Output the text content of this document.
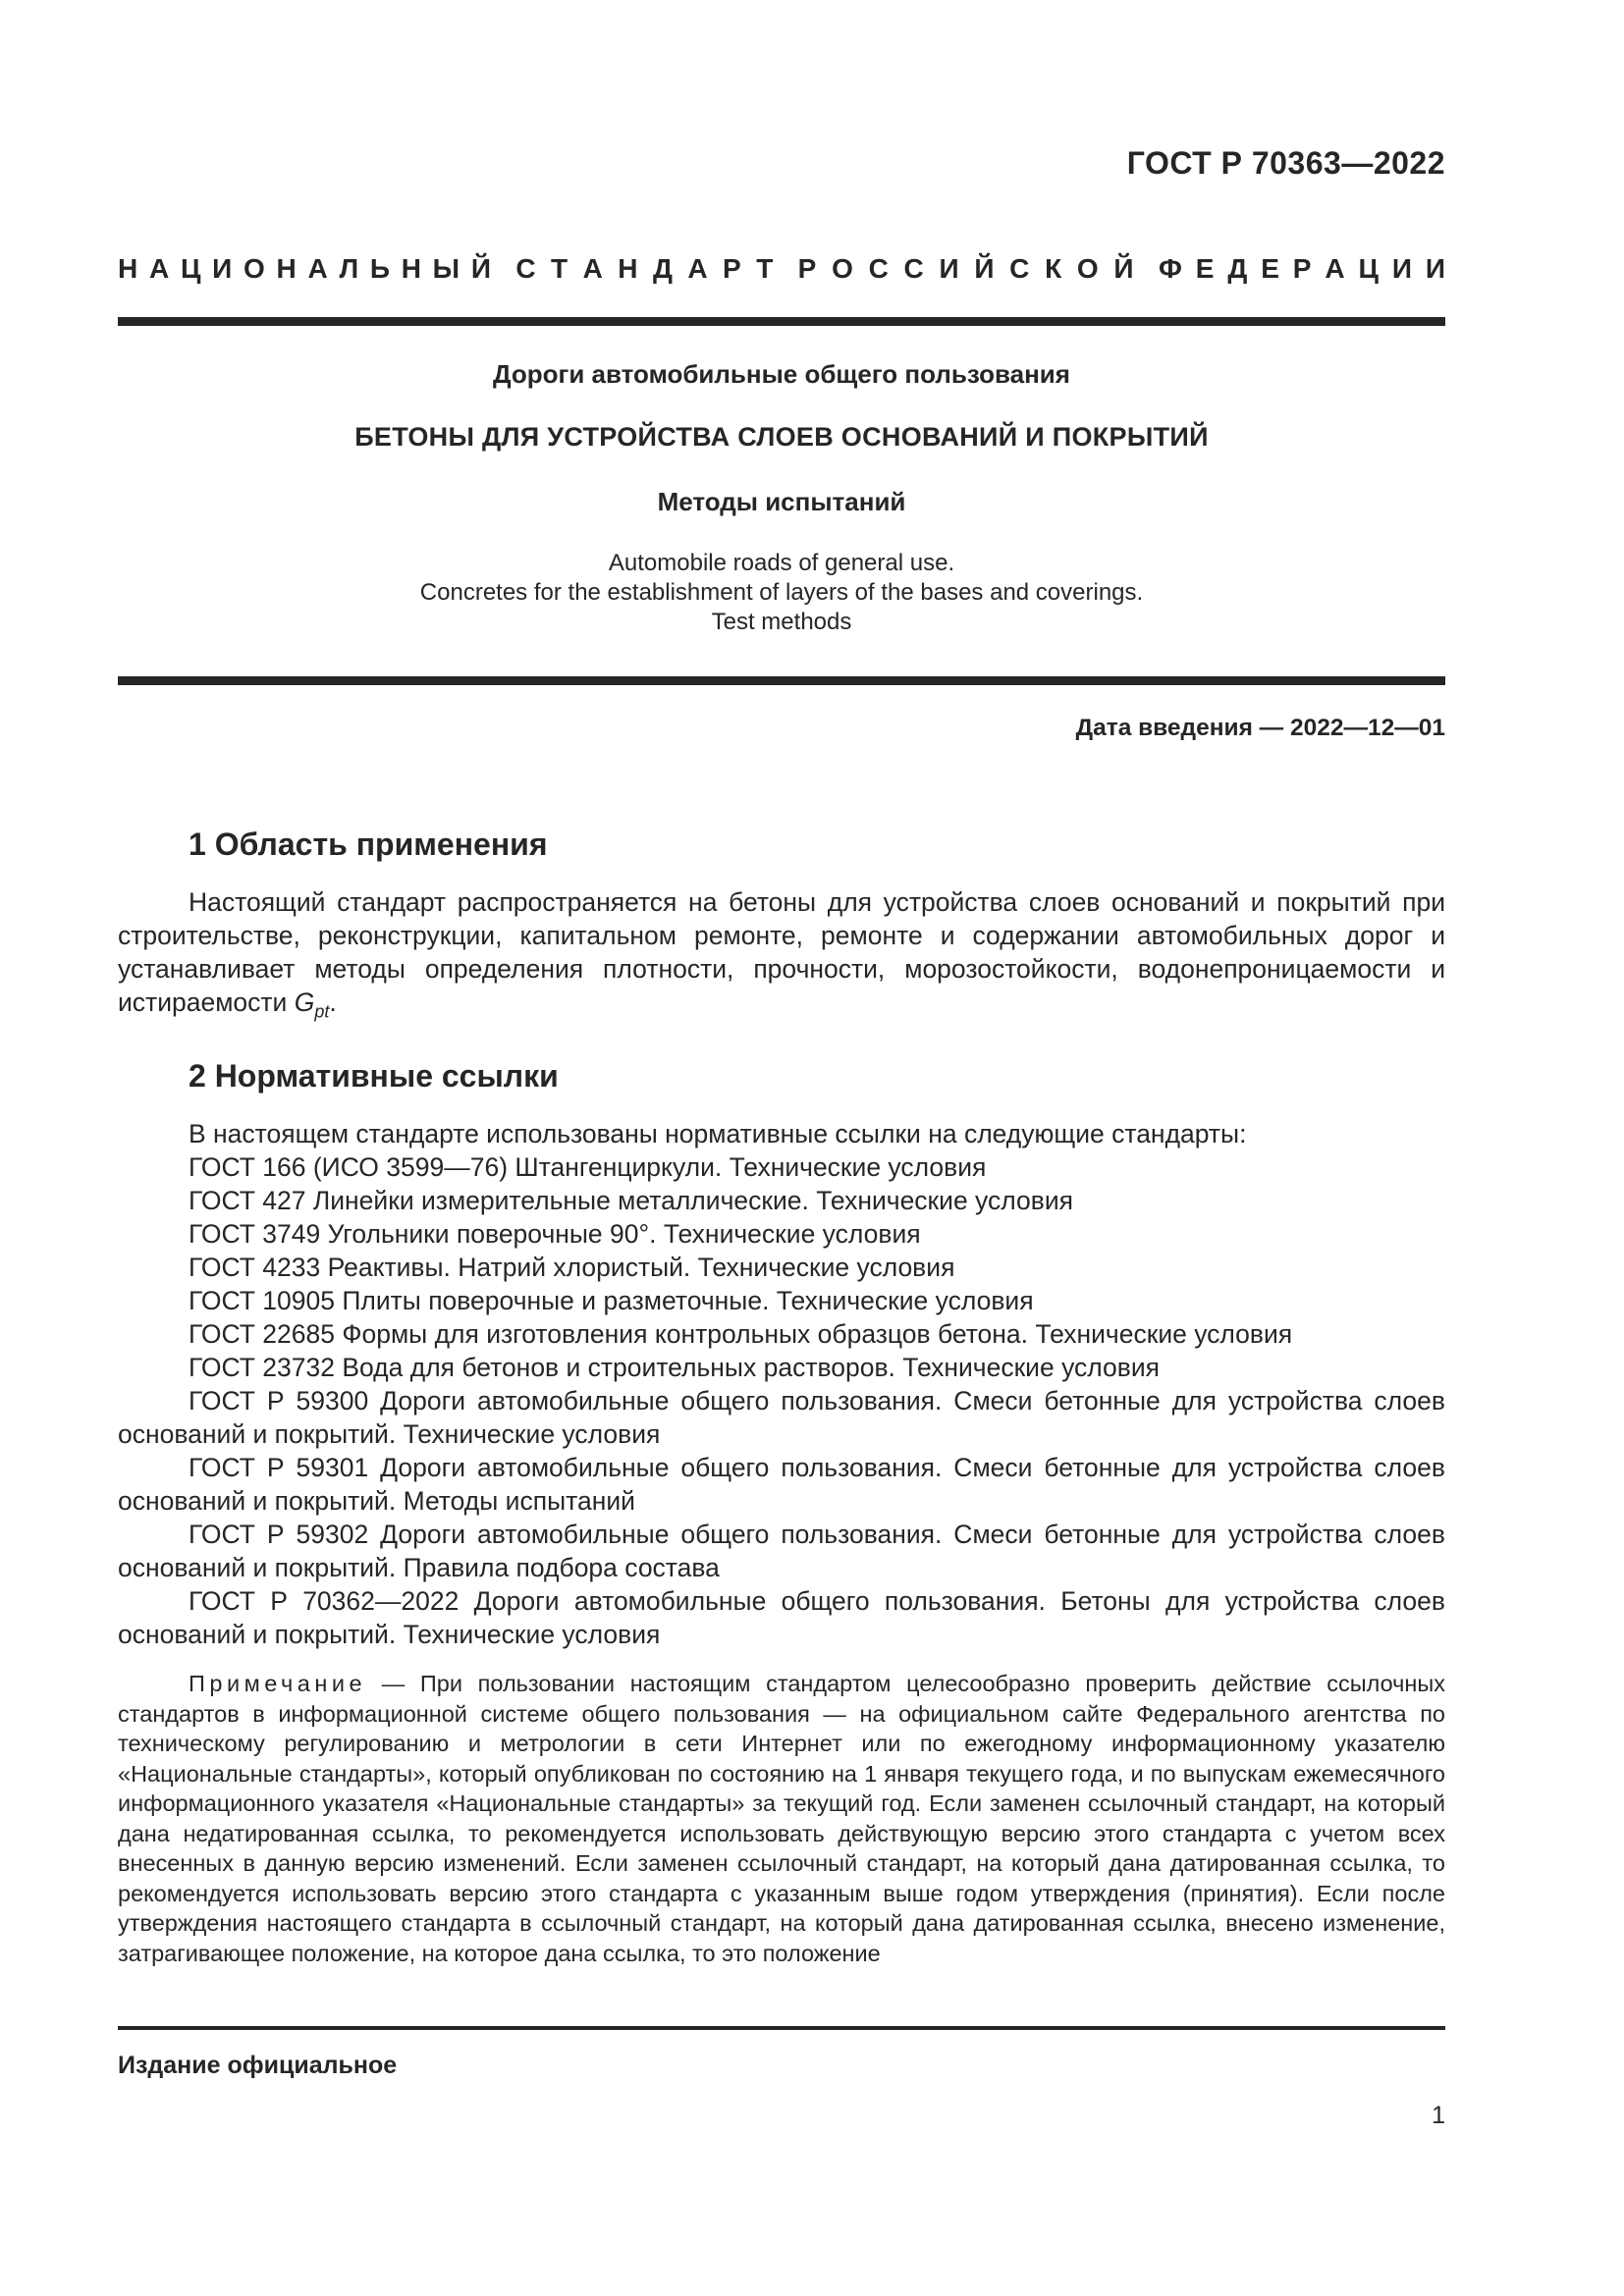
ГОСТ Р 70363—2022
Н А Ц И О Н А Л Ь Н Ы Й С Т А Н Д А Р Т Р О С С И Й С К О Й Ф Е Д Е Р А Ц И И
Дороги автомобильные общего пользования
БЕТОНЫ ДЛЯ УСТРОЙСТВА СЛОЕВ ОСНОВАНИЙ И ПОКРЫТИЙ
Методы испытаний
Automobile roads of general use.
Concretes for the establishment of layers of the bases and coverings.
Test methods
Дата введения — 2022—12—01
1 Область применения
Настоящий стандарт распространяется на бетоны для устройства слоев оснований и покрытий при строительстве, реконструкции, капитальном ремонте, ремонте и содержании автомобильных дорог и устанавливает методы определения плотности, прочности, морозостойкости, водонепроницаемости и истираемости $G_{pt}$.
2 Нормативные ссылки
В настоящем стандарте использованы нормативные ссылки на следующие стандарты:
ГОСТ 166 (ИСО 3599—76) Штангенциркули. Технические условия
ГОСТ 427 Линейки измерительные металлические. Технические условия
ГОСТ 3749 Угольники поверочные 90°. Технические условия
ГОСТ 4233 Реактивы. Натрий хлористый. Технические условия
ГОСТ 10905 Плиты поверочные и разметочные. Технические условия
ГОСТ 22685 Формы для изготовления контрольных образцов бетона. Технические условия
ГОСТ 23732 Вода для бетонов и строительных растворов. Технические условия

ГОСТ Р 59300 Дороги автомобильные общего пользования. Смеси бетонные для устройства слоев оснований и покрытий. Технические условия

ГОСТ Р 59301 Дороги автомобильные общего пользования. Смеси бетонные для устройства слоев оснований и покрытий. Методы испытаний

ГОСТ Р 59302 Дороги автомобильные общего пользования. Смеси бетонные для устройства слоев оснований и покрытий. Правила подбора состава

ГОСТ Р 70362—2022 Дороги автомобильные общего пользования. Бетоны для устройства слоев оснований и покрытий. Технические условия

Примечание — При пользовании настоящим стандартом целесообразно проверить действие ссылочных стандартов в информационной системе общего пользования — на официальном сайте Федерального агентства по техническому регулированию и метрологии в сети Интернет или по ежегодному информационному указателю «Национальные стандарты», который опубликован по состоянию на 1 января текущего года, и по выпускам ежемесячного информационного указателя «Национальные стандарты» за текущий год. Если заменен ссылочный стандарт, на который дана недатированная ссылка, то рекомендуется использовать действующую версию этого стандарта с учетом всех внесенных в данную версию изменений. Если заменен ссылочный стандарт, на который дана датированная ссылка, то рекомендуется использовать версию этого стандарта с указанным выше годом утверждения (принятия). Если после утверждения настоящего стандарта в ссылочный стандарт, на который дана датированная ссылка, внесено изменение, затрагивающее положение, на которое дана ссылка, то это положение
Издание официальное
1
